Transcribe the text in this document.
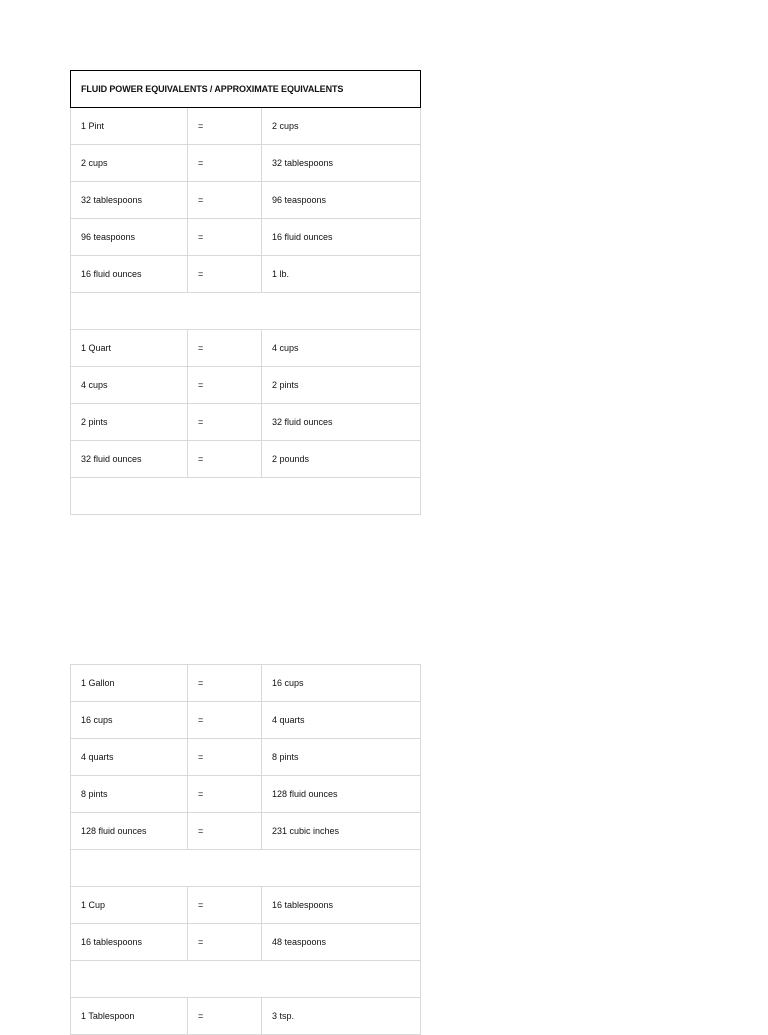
FLUID POWER EQUIVALENTS / APPROXIMATE EQUIVALENTS		
1 Pint	=	2 cups
2 cups	=	32 tablespoons
32 tablespoons	=	96 teaspoons
96 teaspoons	=	16 fluid ounces
16 fluid ounces	=	1 lb.

1 Quart	=	4 cups
4 cups	=	2 pints
2 pints	=	32 fluid ounces
32 fluid ounces	=	2 pounds

1 Gallon	=	16 cups
16 cups	=	4 quarts
4 quarts	=	8 pints
8 pints	=	128 fluid ounces
128 fluid ounces	=	231 cubic inches

1 Cup	=	16 tablespoons
16 tablespoons	=	48 teaspoons

1 Tablespoon	=	3 tsp.
